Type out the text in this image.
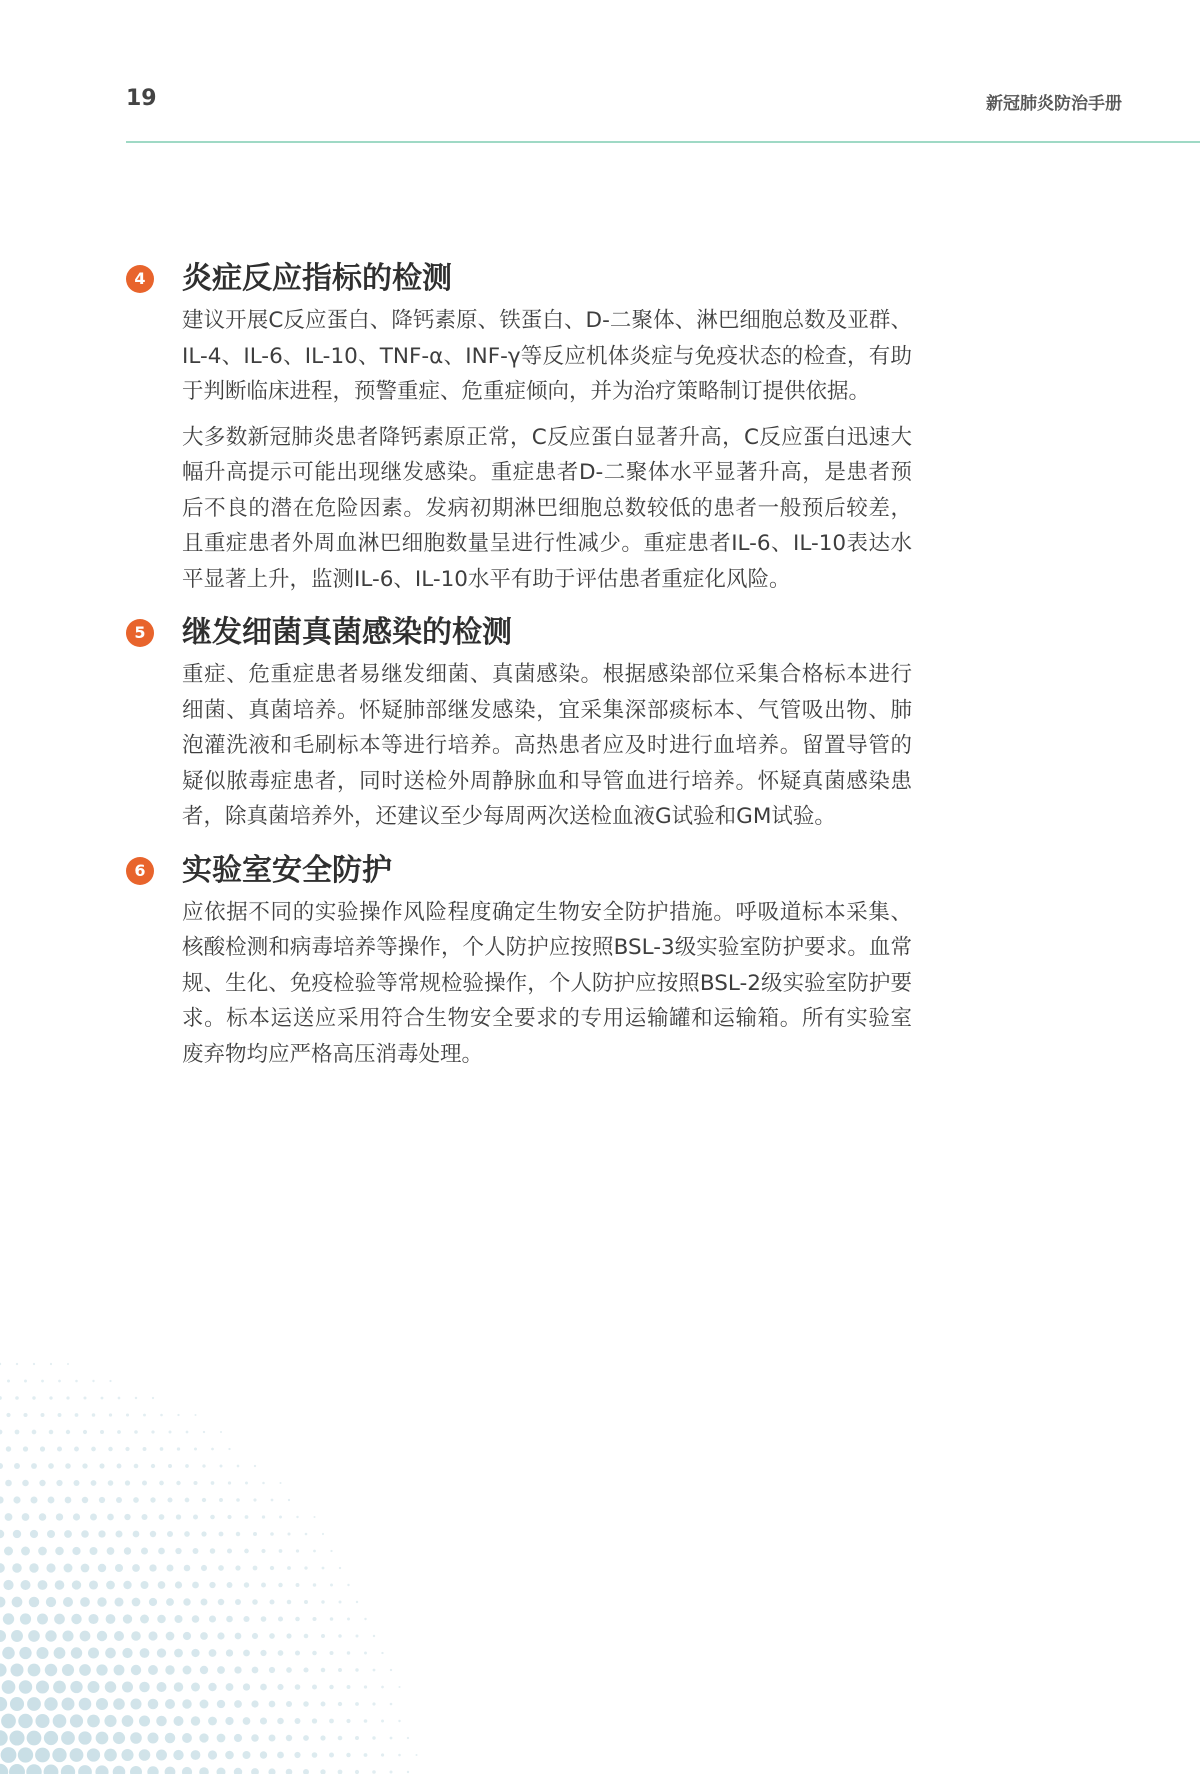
19	新冠肺炎防治手册
4 炎症反应指标的检测

建议开展C反应蛋白、降钙素原、铁蛋白、D-二聚体、淋巴细胞总数及亚群、IL-4、IL-6、IL-10、TNF-α、INF-γ等反应机体炎症与免疫状态的检查，有助于判断临床进程，预警重症、危重症倾向，并为治疗策略制订提供依据。

大多数新冠肺炎患者降钙素原正常，C反应蛋白显著升高，C反应蛋白迅速大幅升高提示可能出现继发感染。重症患者D-二聚体水平显著升高，是患者预后不良的潜在危险因素。发病初期淋巴细胞总数较低的患者一般预后较差，且重症患者外周血淋巴细胞数量呈进行性减少。重症患者IL-6、IL-10表达水平显著上升，监测IL-6、IL-10水平有助于评估患者重症化风险。

5 继发细菌真菌感染的检测

重症、危重症患者易继发细菌、真菌感染。根据感染部位采集合格标本进行细菌、真菌培养。怀疑肺部继发感染，宜采集深部痰标本、气管吸出物、肺泡灌洗液和毛刷标本等进行培养。高热患者应及时进行血培养。留置导管的疑似脓毒症患者，同时送检外周静脉血和导管血进行培养。怀疑真菌感染患者，除真菌培养外，还建议至少每周两次送检血液G试验和GM试验。

6 实验室安全防护

应依据不同的实验操作风险程度确定生物安全防护措施。呼吸道标本采集、核酸检测和病毒培养等操作，个人防护应按照BSL-3级实验室防护要求。血常规、生化、免疫检验等常规检验操作，个人防护应按照BSL-2级实验室防护要求。标本运送应采用符合生物安全要求的专用运输罐和运输箱。所有实验室废弃物均应严格高压消毒处理。
